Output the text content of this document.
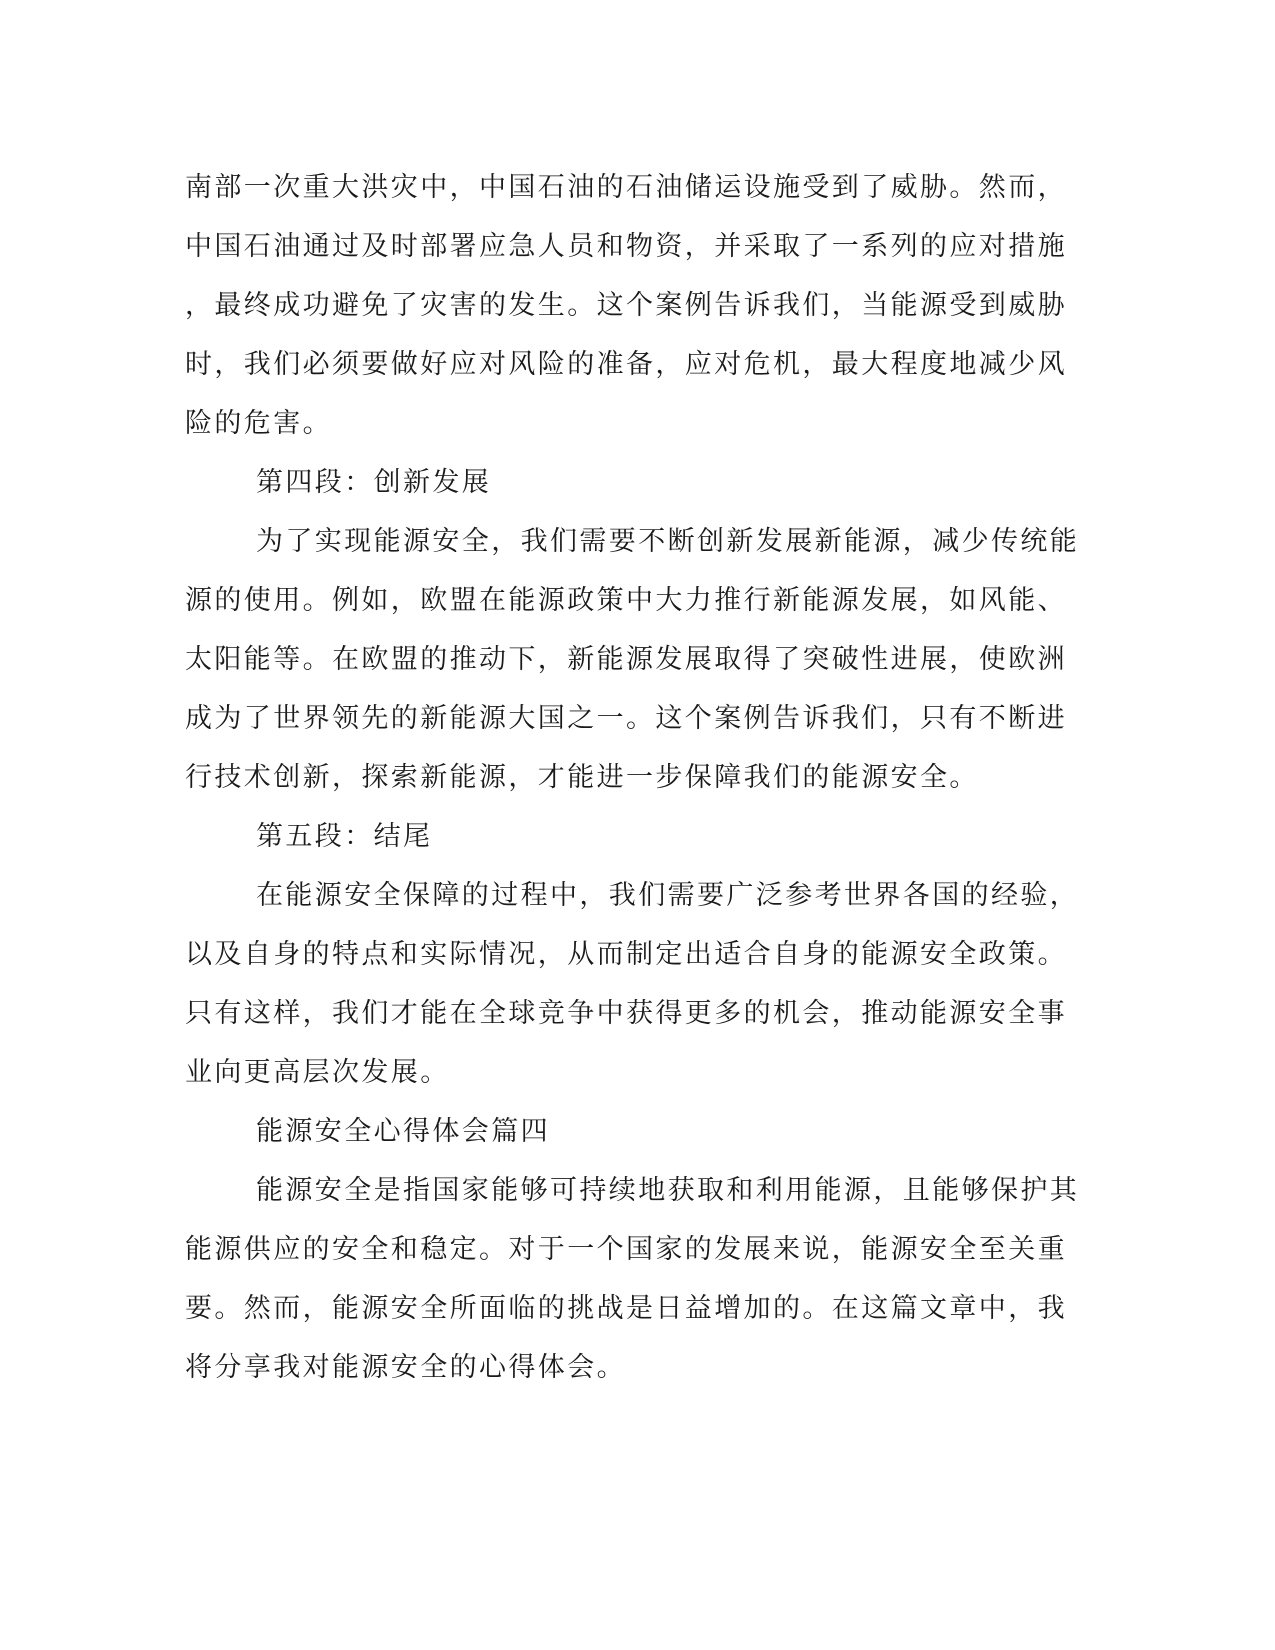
南部一次重大洪灾中，中国石油的石油储运设施受到了威胁。然而，
中国石油通过及时部署应急人员和物资，并采取了一系列的应对措施
，最终成功避免了灾害的发生。这个案例告诉我们，当能源受到威胁
时，我们必须要做好应对风险的准备，应对危机，最大程度地减少风
险的危害。
第四段：创新发展
为了实现能源安全，我们需要不断创新发展新能源，减少传统能
源的使用。例如，欧盟在能源政策中大力推行新能源发展，如风能、
太阳能等。在欧盟的推动下，新能源发展取得了突破性进展，使欧洲
成为了世界领先的新能源大国之一。这个案例告诉我们，只有不断进
行技术创新，探索新能源，才能进一步保障我们的能源安全。
第五段：结尾
在能源安全保障的过程中，我们需要广泛参考世界各国的经验，
以及自身的特点和实际情况，从而制定出适合自身的能源安全政策。
只有这样，我们才能在全球竞争中获得更多的机会，推动能源安全事
业向更高层次发展。
能源安全心得体会篇四
能源安全是指国家能够可持续地获取和利用能源，且能够保护其
能源供应的安全和稳定。对于一个国家的发展来说，能源安全至关重
要。然而，能源安全所面临的挑战是日益增加的。在这篇文章中，我
将分享我对能源安全的心得体会。
